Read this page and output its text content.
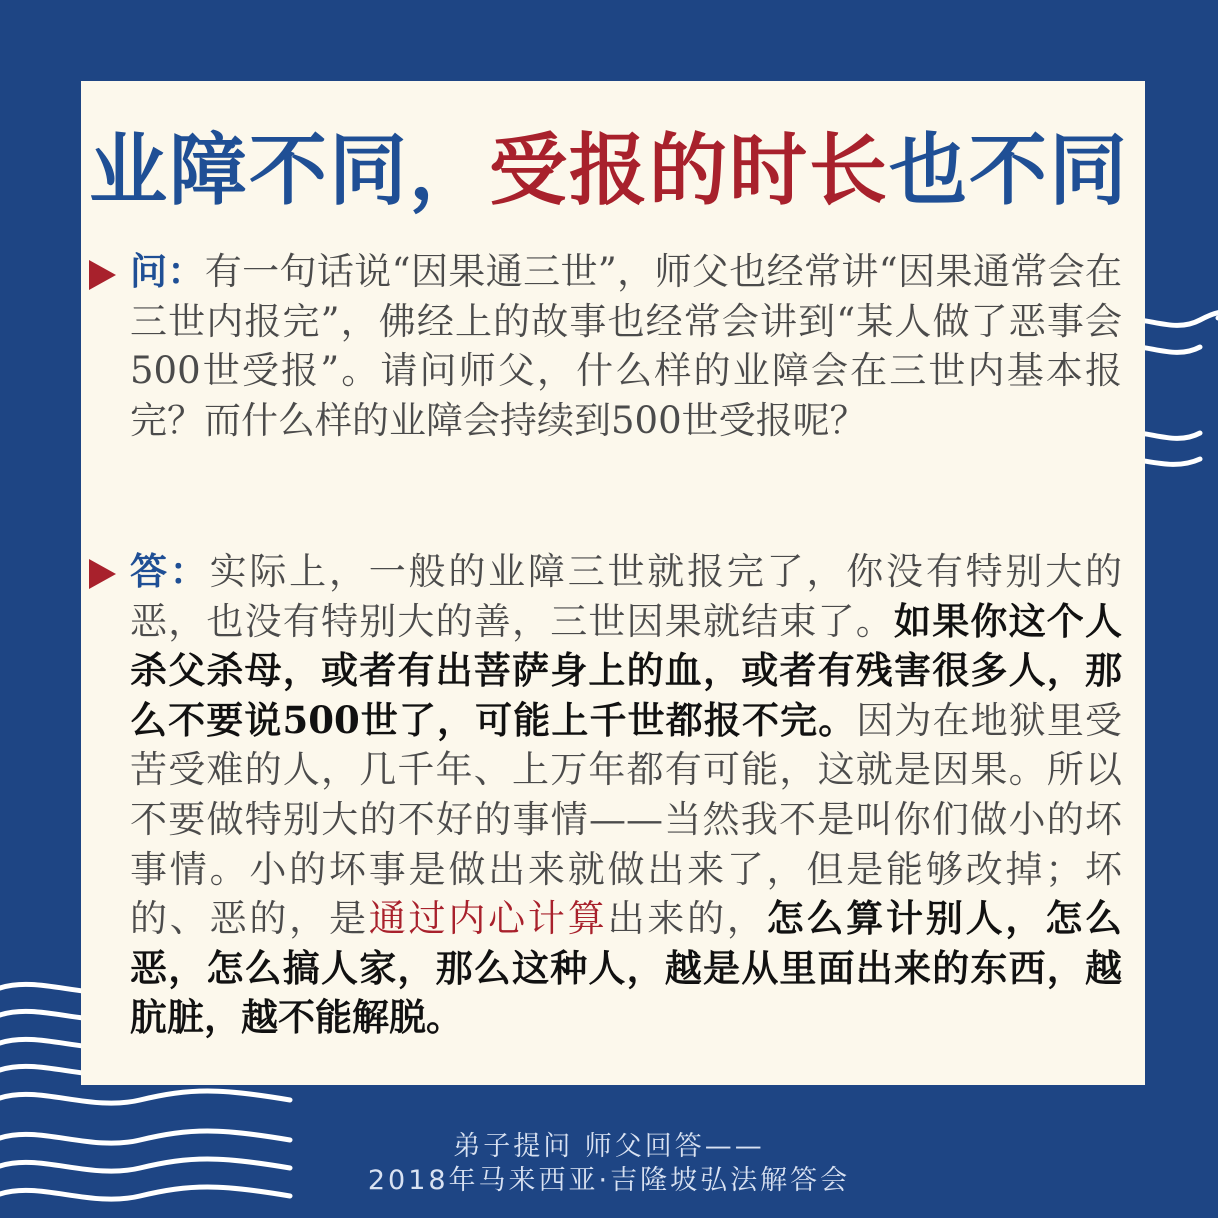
业障不同，受报的时长也不同
问：有一句话说“因果通三世”，师父也经常讲“因果通常会在三世内报完”，佛经上的故事也经常会讲到“某人做了恶事会500世受报”。请问师父，什么样的业障会在三世内基本报完？而什么样的业障会持续到500世受报呢？
答：实际上，一般的业障三世就报完了，你没有特别大的恶，也没有特别大的善，三世因果就结束了。如果你这个人杀父杀母，或者有出菩萨身上的血，或者有残害很多人，那么不要说500世了，可能上千世都报不完。因为在地狱里受苦受难的人，几千年、上万年都有可能，这就是因果。所以不要做特别大的不好的事情——当然我不是叫你们做小的坏事情。小的坏事是做出来就做出来了，但是能够改掉；坏的、恶的，是通过内心计算出来的，怎么算计别人，怎么恶，怎么搞人家，那么这种人，越是从里面出来的东西，越肮脏，越不能解脱。
弟子提问 师父回答——
2018年马来西亚·吉隆坡弘法解答会
